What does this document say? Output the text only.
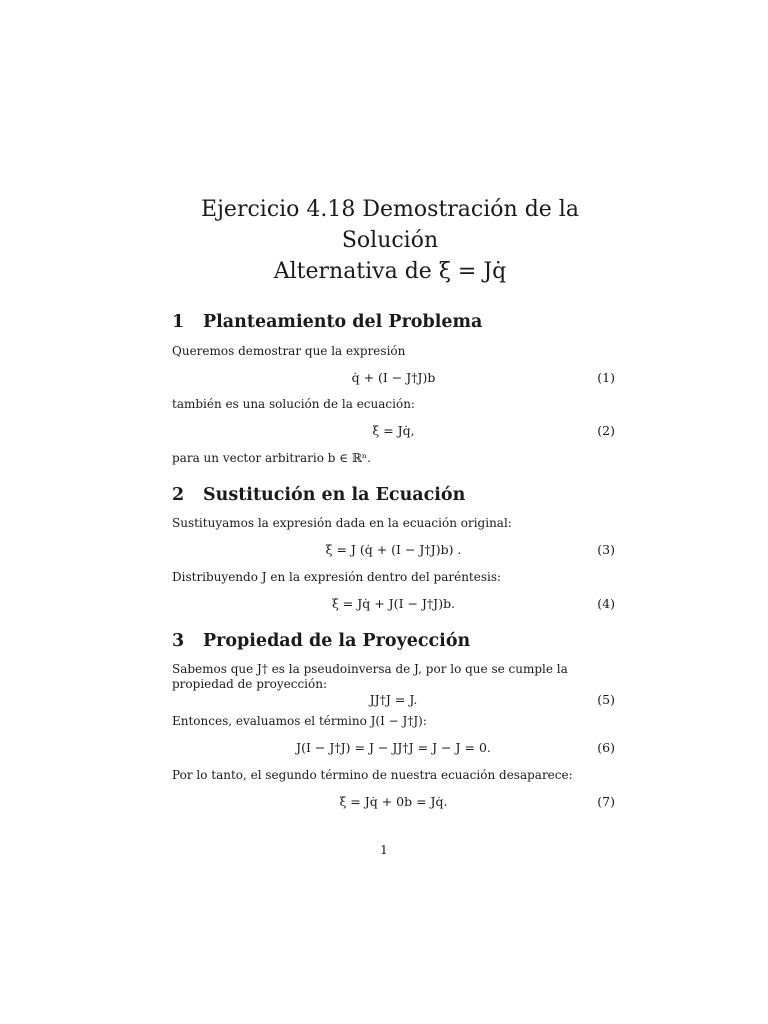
Ejercicio 4.18 Demostración de la Solución
Alternativa de ξ = Jq̇
1 Planteamiento del Problema
Queremos demostrar que la expresión
q̇ + (I − J†J)b	(1)
también es una solución de la ecuación:
ξ = Jq̇,	(2)
para un vector arbitrario b ∈ ℝⁿ.
2 Sustitución en la Ecuación
Sustituyamos la expresión dada en la ecuación original:
ξ = J (q̇ + (I − J†J)b) .	(3)
Distribuyendo J en la expresión dentro del paréntesis:
ξ = Jq̇ + J(I − J†J)b.	(4)
3 Propiedad de la Proyección
Sabemos que J† es la pseudoinversa de J, por lo que se cumple la propiedad de proyección:
JJ†J = J.	(5)
Entonces, evaluamos el término J(I − J†J):
J(I − J†J) = J − JJ†J = J − J = 0.	(6)
Por lo tanto, el segundo término de nuestra ecuación desaparece:
ξ = Jq̇ + 0b = Jq̇.	(7)
1
